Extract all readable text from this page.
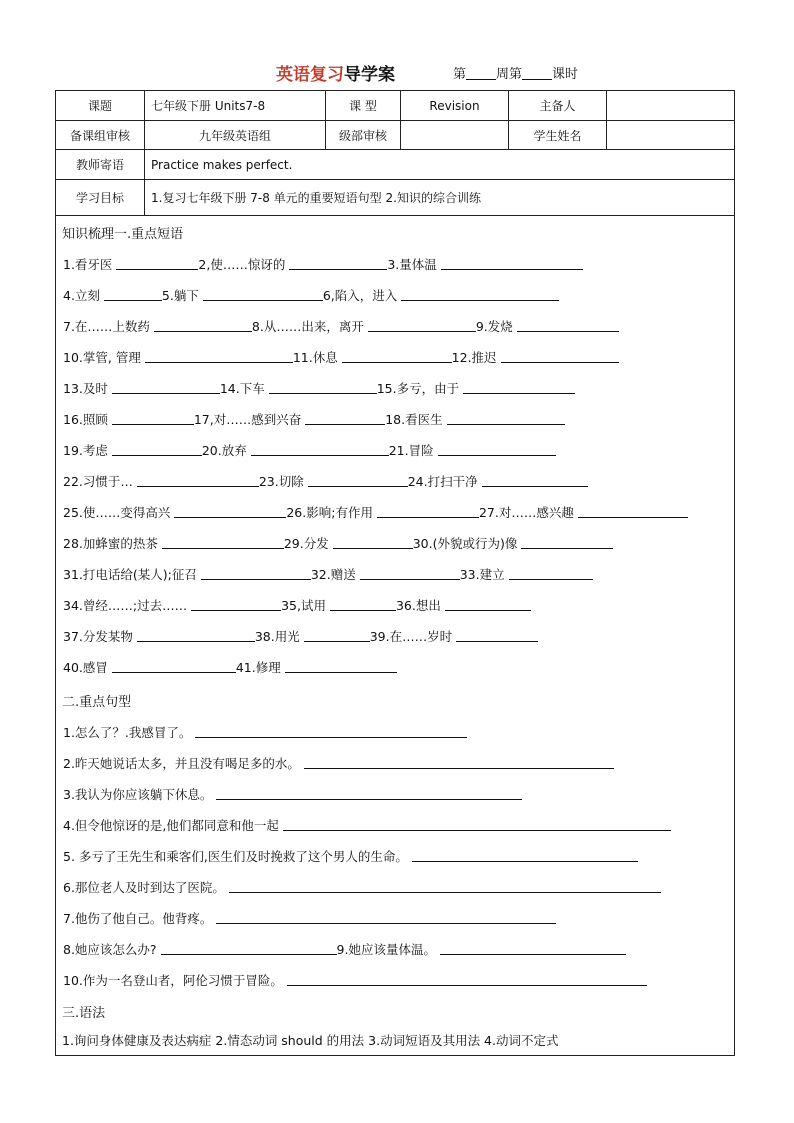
英语复习导学案	第 周第 课时
课题	七年级下册 Units7-8	课 型	Revision	主备人	
备课组审核	九年级英语组	级部审核		学生姓名	
教师寄语	Practice makes perfect.				
学习目标	1.复习七年级下册 7-8 单元的重要短语句型 2.知识的综合训练				
知识梳理一.重点短语
1.看牙医	2,使……惊讶的	3.量体温
4.立刻	5.躺下	6,陷入，进入
7.在……上数药	8.从……出来，离开	9.发烧
10.掌管, 管理	11.休息	12.推迟
13.及时	14.下车	15.多亏，由于
16.照顾	17,对……感到兴奋	18.看医生
19.考虑	20.放弃	21.冒险
22.习惯于…	23.切除	24.打扫干净
25.使……变得高兴	26.影响;有作用	27.对……感兴趣
28.加蜂蜜的热茶	29.分发	30.(外貌或行为)像
31.打电话给(某人);征召	32.赠送	33.建立
34.曾经……;过去……	35,试用	36.想出
37.分发某物	38.用光	39.在……岁时
40.感冒	41.修理
二.重点句型
1.怎么了？.我感冒了。
2.昨天她说话太多，并且没有喝足多的水。
3.我认为你应该躺下休息。
4.但令他惊讶的是,他们都同意和他一起
5. 多亏了王先生和乘客们,医生们及时挽救了这个男人的生命。
6.那位老人及时到达了医院。
7.他伤了他自己。他背疼。
8.她应该怎么办?	9.她应该量体温。
10.作为一名登山者，阿伦习惯于冒险。
三.语法
1.询问身体健康及表达病症 2.情态动词 should 的用法 3.动词短语及其用法 4.动词不定式
